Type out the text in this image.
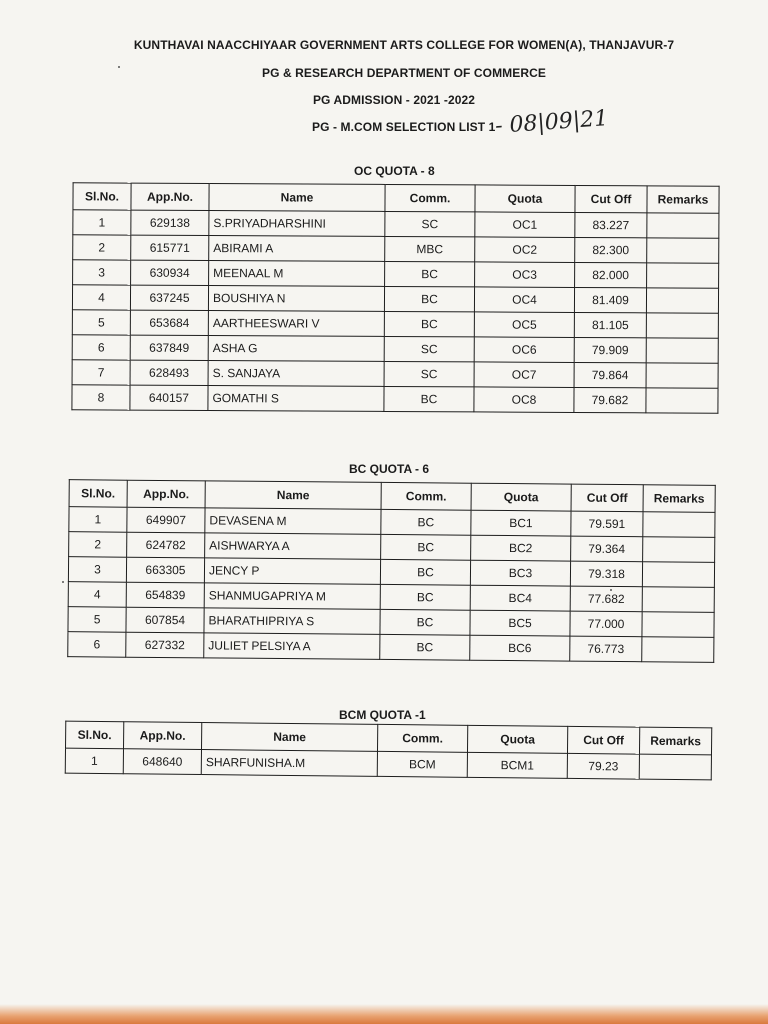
KUNTHAVAI NAACCHIYAAR GOVERNMENT ARTS COLLEGE FOR WOMEN(A), THANJAVUR-7
PG & RESEARCH DEPARTMENT OF COMMERCE
PG ADMISSION - 2021 -2022
PG - M.COM SELECTION LIST 1
- 08|09|21
OC QUOTA - 8
Sl.No.	App.No.	Name	Comm.	Quota	Cut Off	Remarks
1	629138	S.PRIYADHARSHINI	SC	OC1	83.227	
2	615771	ABIRAMI A	MBC	OC2	82.300	
3	630934	MEENAAL M	BC	OC3	82.000	
4	637245	BOUSHIYA N	BC	OC4	81.409	
5	653684	AARTHEESWARI V	BC	OC5	81.105	
6	637849	ASHA G	SC	OC6	79.909	
7	628493	S. SANJAYA	SC	OC7	79.864	
8	640157	GOMATHI S	BC	OC8	79.682	
BC QUOTA - 6
Sl.No.	App.No.	Name	Comm.	Quota	Cut Off	Remarks
1	649907	DEVASENA M	BC	BC1	79.591	
2	624782	AISHWARYA A	BC	BC2	79.364	
3	663305	JENCY P	BC	BC3	79.318	
4	654839	SHANMUGAPRIYA M	BC	BC4	77.682	
5	607854	BHARATHIPRIYA S	BC	BC5	77.000	
6	627332	JULIET PELSIYA A	BC	BC6	76.773	
BCM QUOTA -1
Sl.No.	App.No.	Name	Comm.	Quota	Cut Off	Remarks
1	648640	SHARFUNISHA.M	BCM	BCM1	79.23	
